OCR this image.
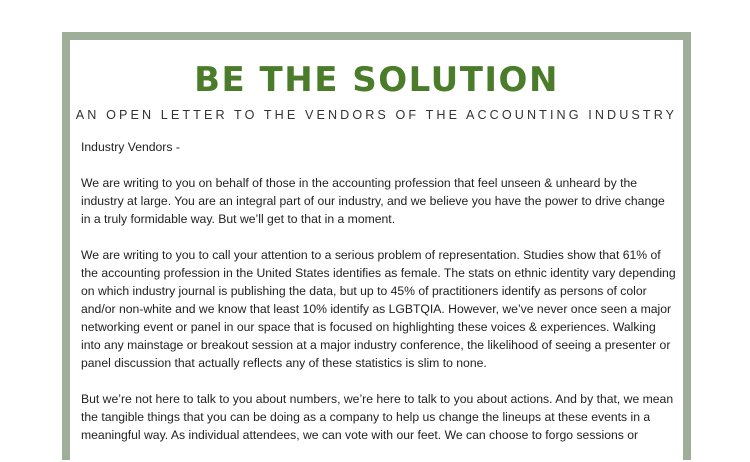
BE THE SOLUTION
AN OPEN LETTER TO THE VENDORS OF THE ACCOUNTING INDUSTRY

Industry Vendors -

We are writing to you on behalf of those in the accounting profession that feel unseen & unheard by the industry at large. You are an integral part of our industry, and we believe you have the power to drive change in a truly formidable way. But we’ll get to that in a moment.

We are writing to you to call your attention to a serious problem of representation. Studies show that 61% of the accounting profession in the United States identifies as female. The stats on ethnic identity vary depending on which industry journal is publishing the data, but up to 45% of practitioners identify as persons of color and/or non-white and we know that least 10% identify as LGBTQIA. However, we’ve never once seen a major networking event or panel in our space that is focused on highlighting these voices & experiences. Walking into any mainstage or breakout session at a major industry conference, the likelihood of seeing a presenter or panel discussion that actually reflects any of these statistics is slim to none.

But we’re not here to talk to you about numbers, we’re here to talk to you about actions. And by that, we mean the tangible things that you can be doing as a company to help us change the lineups at these events in a meaningful way. As individual attendees, we can vote with our feet. We can choose to forgo sessions or
